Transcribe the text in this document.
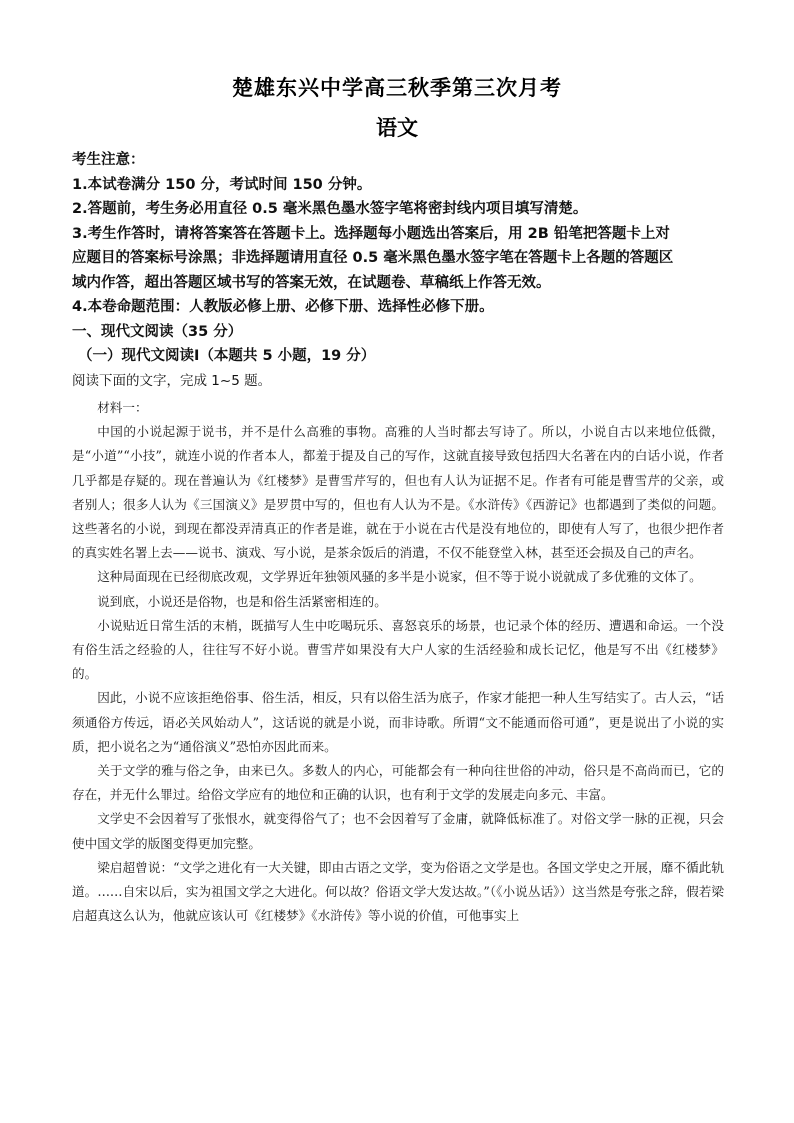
楚雄东兴中学高三秋季第三次月考
语文
考生注意：
1.本试卷满分 150 分，考试时间 150 分钟。
2.答题前，考生务必用直径 0.5 毫米黑色墨水签字笔将密封线内项目填写清楚。
3.考生作答时，请将答案答在答题卡上。选择题每小题选出答案后，用 2B 铅笔把答题卡上对
应题目的答案标号涂黑；非选择题请用直径 0.5 毫米黑色墨水签字笔在答题卡上各题的答题区
域内作答，超出答题区域书写的答案无效，在试题卷、草稿纸上作答无效。
4.本卷命题范围：人教版必修上册、必修下册、选择性必修下册。
一、现代文阅读（35 分）
（一）现代文阅读Ⅰ（本题共 5 小题，19 分）
阅读下面的文字，完成 1~5 题。

材料一：

中国的小说起源于说书，并不是什么高雅的事物。高雅的人当时都去写诗了。所以，小说自古以来地位低微，是“小道”“小技”，就连小说的作者本人，都羞于提及自己的写作，这就直接导致包括四大名著在内的白话小说，作者几乎都是存疑的。现在普遍认为《红楼梦》是曹雪芹写的，但也有人认为证据不足。作者有可能是曹雪芹的父亲，或者别人；很多人认为《三国演义》是罗贯中写的，但也有人认为不是。《水浒传》《西游记》也都遇到了类似的问题。这些著名的小说，到现在都没弄清真正的作者是谁，就在于小说在古代是没有地位的，即使有人写了，也很少把作者的真实姓名署上去——说书、演戏、写小说，是茶余饭后的消遣，不仅不能登堂入林，甚至还会损及自己的声名。

这种局面现在已经彻底改观，文学界近年独领风骚的多半是小说家，但不等于说小说就成了多优雅的文体了。

说到底，小说还是俗物，也是和俗生活紧密相连的。

小说贴近日常生活的末梢，既描写人生中吃喝玩乐、喜怒哀乐的场景，也记录个体的经历、遭遇和命运。一个没有俗生活之经验的人，往往写不好小说。曹雪芹如果没有大户人家的生活经验和成长记忆，他是写不出《红楼梦》的。

因此，小说不应该拒绝俗事、俗生活，相反，只有以俗生活为底子，作家才能把一种人生写结实了。古人云，“话须通俗方传远，语必关风始动人”，这话说的就是小说，而非诗歌。所谓“文不能通而俗可通”，更是说出了小说的实质，把小说名之为“通俗演义”恐怕亦因此而来。

关于文学的雅与俗之争，由来已久。多数人的内心，可能都会有一种向往世俗的冲动，俗只是不高尚而已，它的存在，并无什么罪过。给俗文学应有的地位和正确的认识，也有利于文学的发展走向多元、丰富。

文学史不会因着写了张恨水，就变得俗气了；也不会因着写了金庸，就降低标准了。对俗文学一脉的正视，只会使中国文学的版图变得更加完整。

梁启超曾说：“文学之进化有一大关键，即由古语之文学，变为俗语之文学是也。各国文学史之开展，靡不循此轨道。……自宋以后，实为祖国文学之大进化。何以故？俗语文学大发达故。”（《小说丛话》）这当然是夸张之辞，假若梁启超真这么认为，他就应该认可《红楼梦》《水浒传》等小说的价值，可他事实上
